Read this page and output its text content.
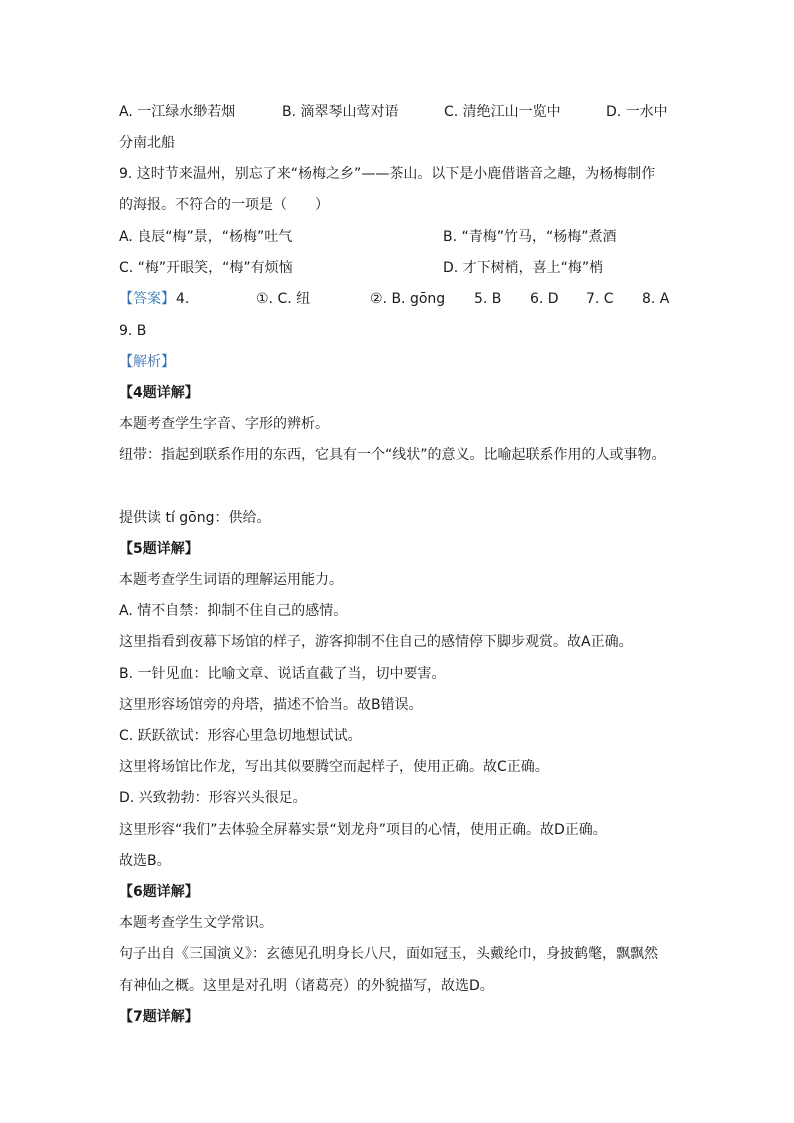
A. 一江绿水缈若烟	B. 滴翠琴山莺对语	C. 清绝江山一览中	D. 一水中
分南北船
9. 这时节来温州，别忘了来“杨梅之乡”——茶山。以下是小鹿借谐音之趣，为杨梅制作
的海报。不符合的一项是（　　）
A. 良辰“梅”景，“杨梅”吐气	B. “青梅”竹马，“杨梅”煮酒
C. “梅”开眼笑，“梅”有烦恼	D. 才下树梢，喜上“梅”梢
【答案】 4.	①. C. 纽	②. B. gōng 5. B 6. D 7. C 8. A
9. B
【解析】
【4题详解】
本题考查学生字音、字形的辨析。
纽带：指起到联系作用的东西，它具有一个“线状”的意义。比喻起联系作用的人或事物。
提供读 tí gōng：供给。
【5题详解】
本题考查学生词语的理解运用能力。
A. 情不自禁：抑制不住自己的感情。
这里指看到夜幕下场馆的样子，游客抑制不住自己的感情停下脚步观赏。故A正确。
B. 一针见血：比喻文章、说话直截了当，切中要害。
这里形容场馆旁的舟塔，描述不恰当。故B错误。
C. 跃跃欲试：形容心里急切地想试试。
这里将场馆比作龙，写出其似要腾空而起样子，使用正确。故C正确。
D. 兴致勃勃：形容兴头很足。
这里形容“我们”去体验全屏幕实景“划龙舟”项目的心情，使用正确。故D正确。
故选B。
【6题详解】
本题考查学生文学常识。
句子出自《三国演义》：玄德见孔明身长八尺，面如冠玉，头戴纶巾，身披鹤氅，飘飘然
有神仙之概。这里是对孔明（诸葛亮）的外貌描写，故选D。
【7题详解】
